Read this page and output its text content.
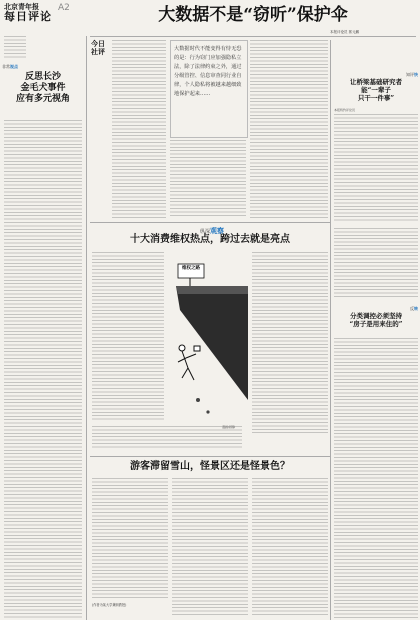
北京青年报
每日评论
A2	大数据不是“窃听”保护伞
本报评论员 郭元鹏
今日社评	大数据时代不能变得有恃无恐的是：行为窃门应加强隐私立法，除了法律约束之外，通过分级管控、信息审查同行业自律，个人隐私将被越来越细致地保护起来……
非常视点
反思长沙
金毛犬事件
应有多元视角
知评快
让桥梁基础研究者
能“一辈子
只干一件事”
本报特约评论员
纵深观察
十大消费维权热点，跨过去就是亮点
维权之路
漫画/顾静
反转
分类调控必须坚持
“房子是用来住的”
游客滞留雪山，怪景区还是怪景色？
(作者为某大学兼职教授)
